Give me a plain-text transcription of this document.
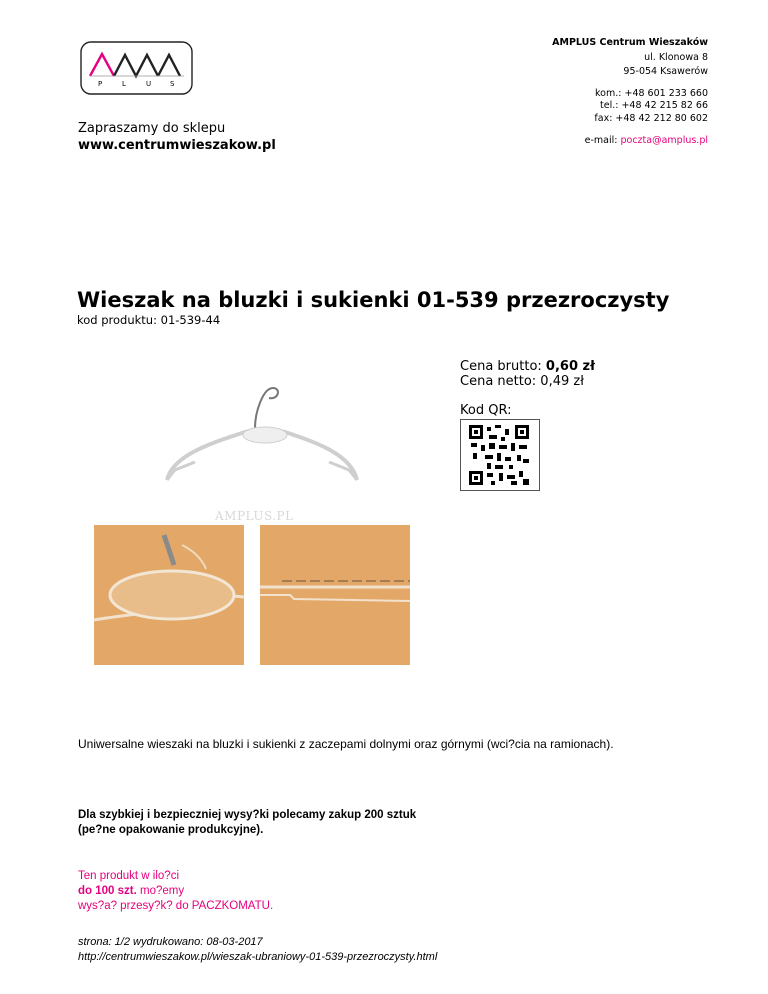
P	L	U	S
AMPLUS Centrum Wieszaków
ul. Klonowa 8
95-054 Ksawerów
kom.: +48 601 233 660
tel.: +48 42 215 82 66
fax: +48 42 212 80 602
e-mail: poczta@amplus.pl
Zapraszamy do sklepu
www.centrumwieszakow.pl
Wieszak na bluzki i sukienki 01-539 przezroczysty
kod produktu: 01-539-44
AMPLUS.PL
Cena brutto: 0,60 zł
Cena netto: 0,49 zł
Kod QR:
Uniwersalne wieszaki na bluzki i sukienki z zaczepami dolnymi oraz górnymi (wci?cia na ramionach).
Dla szybkiej i bezpieczniej wysy?ki polecamy zakup 200 sztuk
(pe?ne opakowanie produkcyjne).
Ten produkt w ilo?ci
do 100 szt. mo?emy
wys?a? przesy?k? do PACZKOMATU.
strona: 1/2 wydrukowano: 08-03-2017
http://centrumwieszakow.pl/wieszak-ubraniowy-01-539-przezroczysty.html
